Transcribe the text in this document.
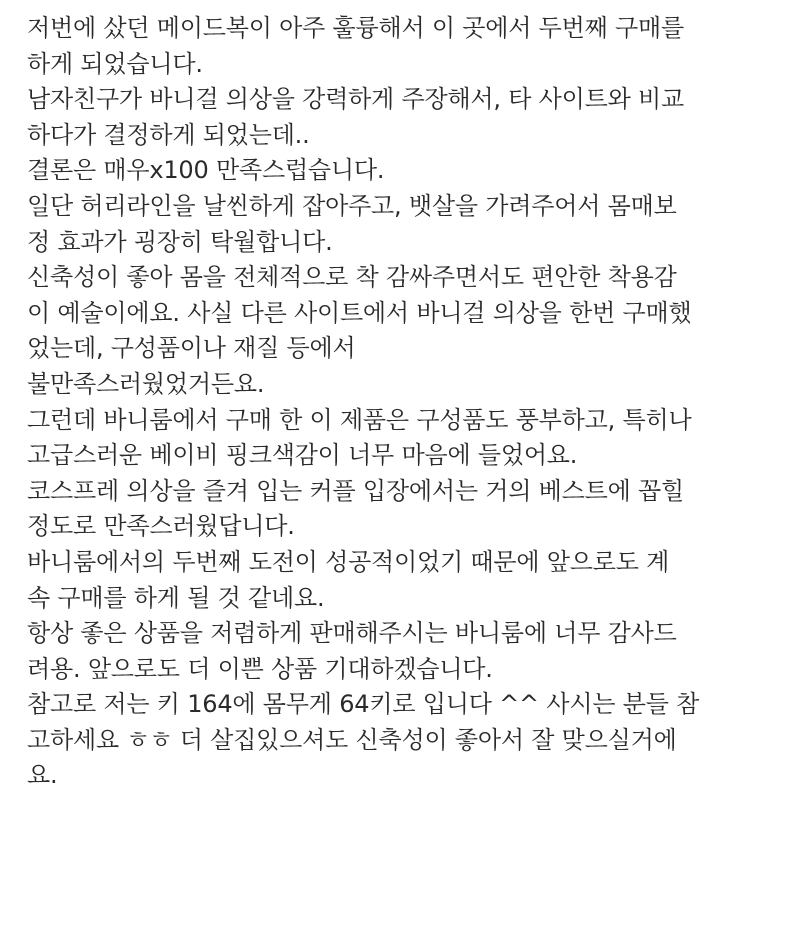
저번에 샀던 메이드복이 아주 훌륭해서 이 곳에서 두번째 구매를
하게 되었습니다.
남자친구가 바니걸 의상을 강력하게 주장해서, 타 사이트와 비교
하다가 결정하게 되었는데..
결론은 매우x100 만족스럽습니다.
일단 허리라인을 날씬하게 잡아주고, 뱃살을 가려주어서 몸매보
정 효과가 굉장히 탁월합니다.
신축성이 좋아 몸을 전체적으로 착 감싸주면서도 편안한 착용감
이 예술이에요. 사실 다른 사이트에서 바니걸 의상을 한번 구매했
었는데, 구성품이나 재질 등에서
불만족스러웠었거든요.
그런데 바니룸에서 구매 한 이 제품은 구성품도 풍부하고, 특히나
고급스러운 베이비 핑크색감이 너무 마음에 들었어요.
코스프레 의상을 즐겨 입는 커플 입장에서는 거의 베스트에 꼽힐
정도로 만족스러웠답니다.
바니룸에서의 두번째 도전이 성공적이었기 때문에 앞으로도 계
속 구매를 하게 될 것 같네요.
항상 좋은 상품을 저렴하게 판매해주시는 바니룸에 너무 감사드
려용. 앞으로도 더 이쁜 상품 기대하겠습니다.
참고로 저는 키 164에 몸무게 64키로 입니다 ^^ 사시는 분들 참
고하세요 ㅎㅎ 더 살집있으셔도 신축성이 좋아서 잘 맞으실거에
요.
